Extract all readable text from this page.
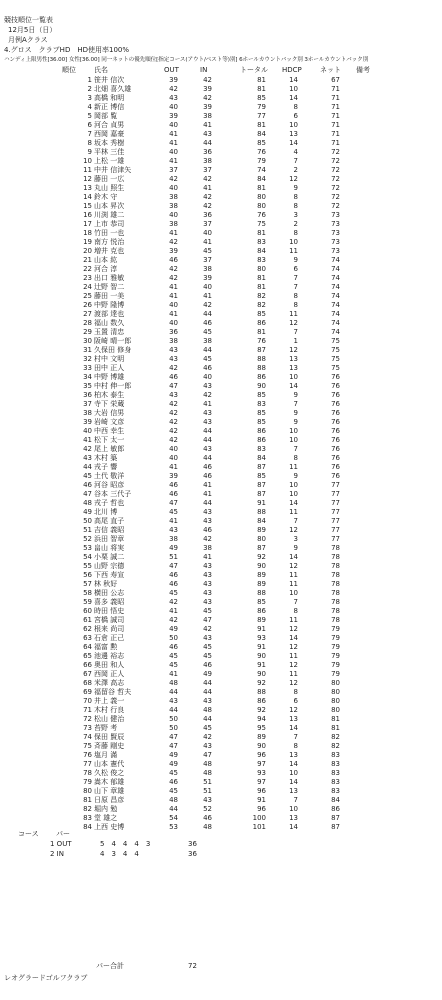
競技順位一覧表
12月5日（日）
月例Aクラス
4.グロス　クラブHD　HD使用率100%
ハンディ上限男性[36.00] 女性[36.00] 同一ネットの優先順位[指定コース(アウト/ベスト等)別] 6ホールカウントバック別 3ホールカウントバック別
順位	氏名	OUT	IN	トータル HDCP	ネット 備考
1 笹井 信次	39	42	81	14	67
2 北畑 喜久雄	42	39	81	10	71
3 高橋 和明	43	42	85	14	71
4 新正 博信	40	39	79	8	71
5 岡部 覧	39	38	77	6	71
6 河合 貞男	40	41	81	10	71
7 西岡 嘉豪	41	43	84	13	71
8 坂本 秀樹	41	44	85	14	71
9 平林 三佳	40	36	76	4	72
10 上松 一雄	41	38	79	7	72
11 中井 信津矢	37	37	74	2	72
12 藤田 一広	42	42	84	12	72
13 丸山 照生	40	41	81	9	72
14 鈴木 守	38	42	80	8	72
15 山本 昇次	38	42	80	8	72
16 川渕 雄二	40	36	76	3	73
17 上市 恭司	38	37	75	2	73
18 竹田 一也	41	40	81	8	73
19 南方 悦治	42	41	83	10	73
20 増井 克也	39	45	84	11	73
21 山本 紘	46	37	83	9	74
22 河合 淳	42	38	80	6	74
23 出口 雅敏	42	39	81	7	74
24 辻野 智二	41	40	81	7	74
25 藤田 一美	41	41	82	8	74
26 中野 隆博	40	42	82	8	74
27 渡部 達也	41	44	85	11	74
28 福山 数久	40	46	86	12	74
29 玉置 清忠	36	45	81	7	74
30 阪崎 晴一郎	38	38	76	1	75
31 久保田 修身	43	44	87	12	75
32 村中 文明	43	45	88	13	75
33 田中 正人	42	46	88	13	75
34 中野 博雄	46	40	86	10	76
35 中村 伸一郎	47	43	90	14	76
36 柏木 泰生	43	42	85	9	76
37 寺下 栄蔵	42	41	83	7	76
38 大岩 信男	42	43	85	9	76
39 岩崎 文彦	42	43	85	9	76
40 中西 幸生	42	44	86	10	76
41 松下 太一	42	44	86	10	76
42 尾上 敏郎	40	43	83	7	76
43 木村 築	40	44	84	8	76
44 戎子 響	41	46	87	11	76
45 土代 敬洋	39	46	85	9	76
46 河谷 昭彦	46	41	87	10	77
47 谷本 三代子	46	41	87	10	77
48 戎子 哲也	47	44	91	14	77
49 北川 博	45	43	88	11	77
50 高尾 直子	41	43	84	7	77
51 吉信 義昭	43	46	89	12	77
52 浜田 智章	38	42	80	3	77
53 畠山 将実	49	38	87	9	78
54 小栗 誠二	51	41	92	14	78
55 山野 宗德	47	43	90	12	78
56 下西 寿宣	46	43	89	11	78
57 林 秋好	46	43	89	11	78
58 横田 公志	45	43	88	10	78
59 喜多 義昭	42	43	85	7	78
60 時田 悟史	41	45	86	8	78
61 宮橋 誠司	42	47	89	11	78
62 根来 尚司	49	42	91	12	79
63 石倉 正己	50	43	93	14	79
64 福富 勲	46	45	91	12	79
65 池邊 裕志	45	45	90	11	79
66 奥田 和人	45	46	91	12	79
67 西岡 正人	41	49	90	11	79
68 米澤 高志	48	44	92	12	80
69 福留谷 哲夫	44	44	88	8	80
70 井上 義一	43	43	86	6	80
71 木村 行良	44	48	92	12	80
72 松山 健治	50	44	94	13	81
73 苔野 考	50	45	95	14	81
74 保田 賢辰	47	42	89	7	82
75 斉藤 剛史	47	43	90	8	82
76 塩月 滿	49	47	96	13	83
77 山本 憲代	49	48	97	14	83
78 久松 俊之	45	48	93	10	83
79 嵩木 郁雄	46	51	97	14	83
80 山下 章雄	45	51	96	13	83
81 日原 昌彦	48	43	91	7	84
82 堀内 勉	44	52	96	10	86
83 堂 雄之	54	46	100	13	87
84 上西 史博	53	48	101	14	87
コース パー
1 OUT	5　4　4　4　3	36
2 IN	4　3　4　4	36
パー合計	72
レオグラードゴルフクラブ
